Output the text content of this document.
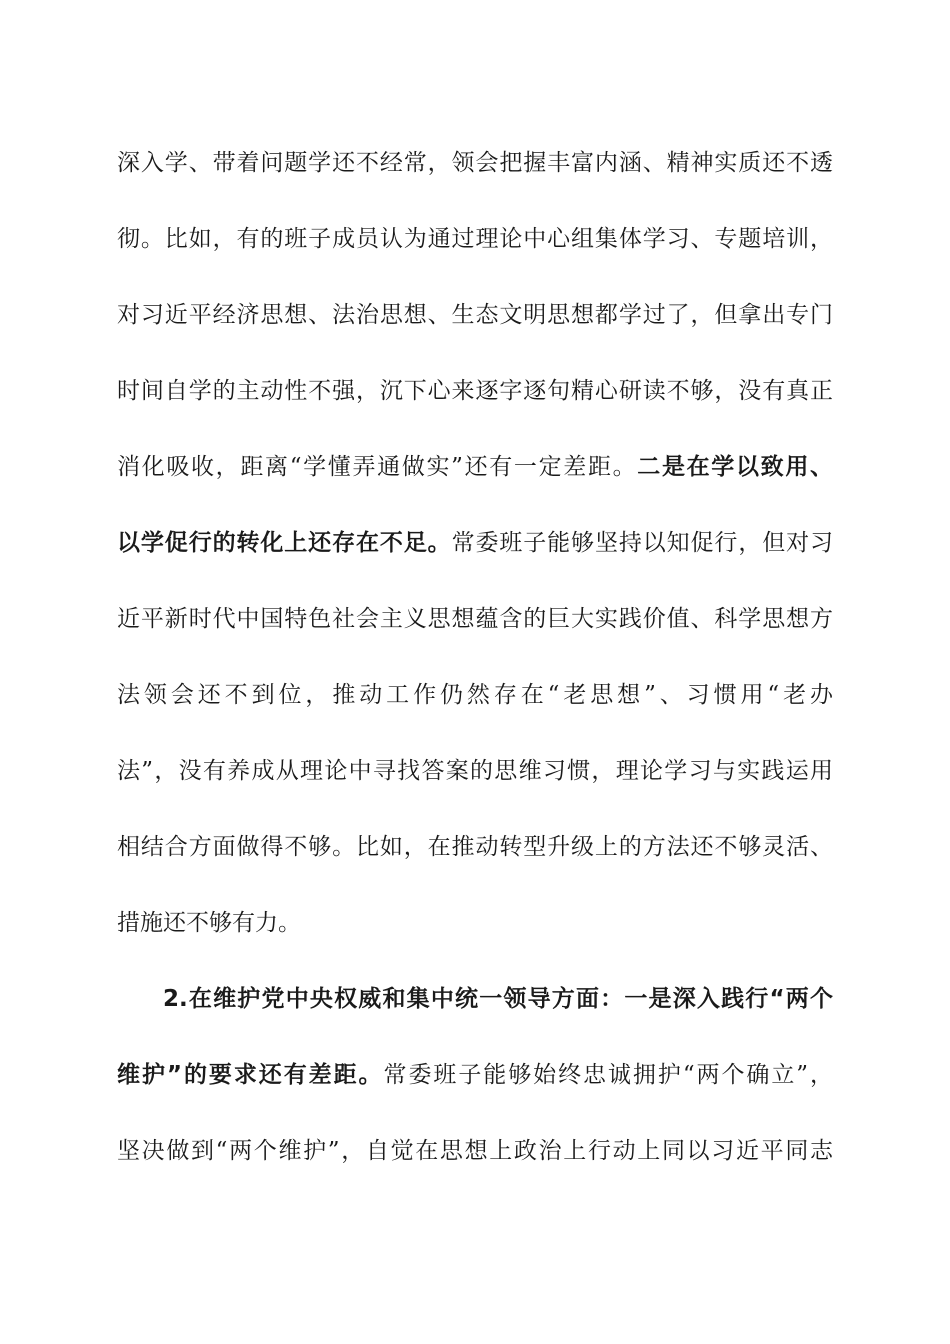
深入学、带着问题学还不经常，领会把握丰富内涵、精神实质还不透
彻。比如，有的班子成员认为通过理论中心组集体学习、专题培训，
对习近平经济思想、法治思想、生态文明思想都学过了，但拿出专门
时间自学的主动性不强，沉下心来逐字逐句精心研读不够，没有真正
消化吸收，距离“学懂弄通做实”还有一定差距。二是在学以致用、
以学促行的转化上还存在不足。常委班子能够坚持以知促行，但对习
近平新时代中国特色社会主义思想蕴含的巨大实践价值、科学思想方
法领会还不到位，推动工作仍然存在“老思想”、习惯用“老办
法”，没有养成从理论中寻找答案的思维习惯，理论学习与实践运用
相结合方面做得不够。比如，在推动转型升级上的方法还不够灵活、
措施还不够有力。
2.在维护党中央权威和集中统一领导方面：一是深入践行“两个
维护”的要求还有差距。常委班子能够始终忠诚拥护“两个确立”，
坚决做到“两个维护”，自觉在思想上政治上行动上同以习近平同志
